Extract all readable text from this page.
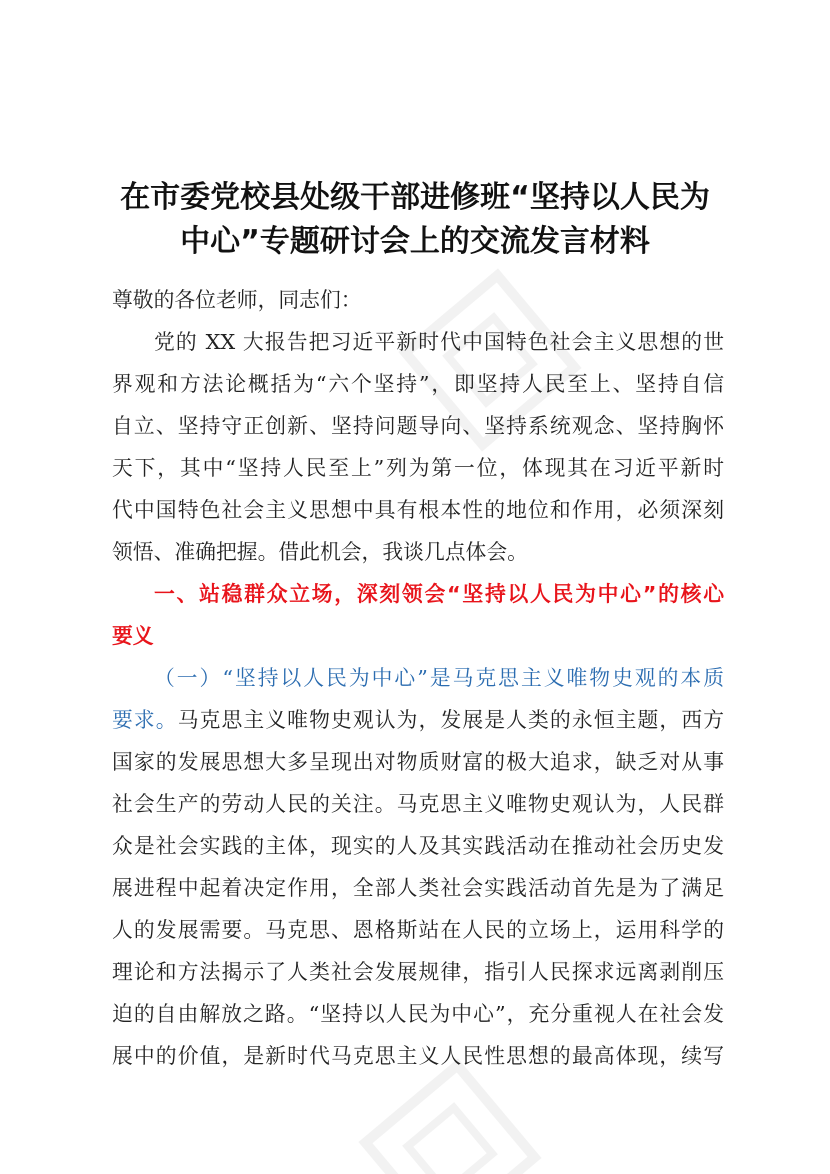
在市委党校县处级干部进修班“坚持以人民为
中心”专题研讨会上的交流发言材料

尊敬的各位老师，同志们：

党的 XX 大报告把习近平新时代中国特色社会主义思想的世

界观和方法论概括为“六个坚持”，即坚持人民至上、坚持自信

自立、坚持守正创新、坚持问题导向、坚持系统观念、坚持胸怀

天下，其中“坚持人民至上”列为第一位，体现其在习近平新时

代中国特色社会主义思想中具有根本性的地位和作用，必须深刻

领悟、准确把握。借此机会，我谈几点体会。

一、站稳群众立场，深刻领会“坚持以人民为中心”的核心

要义

（一）“坚持以人民为中心”是马克思主义唯物史观的本质

要求。马克思主义唯物史观认为，发展是人类的永恒主题，西方

国家的发展思想大多呈现出对物质财富的极大追求，缺乏对从事

社会生产的劳动人民的关注。马克思主义唯物史观认为，人民群

众是社会实践的主体，现实的人及其实践活动在推动社会历史发

展进程中起着决定作用，全部人类社会实践活动首先是为了满足

人的发展需要。马克思、恩格斯站在人民的立场上，运用科学的

理论和方法揭示了人类社会发展规律，指引人民探求远离剥削压

迫的自由解放之路。“坚持以人民为中心”，充分重视人在社会发

展中的价值，是新时代马克思主义人民性思想的最高体现，续写
